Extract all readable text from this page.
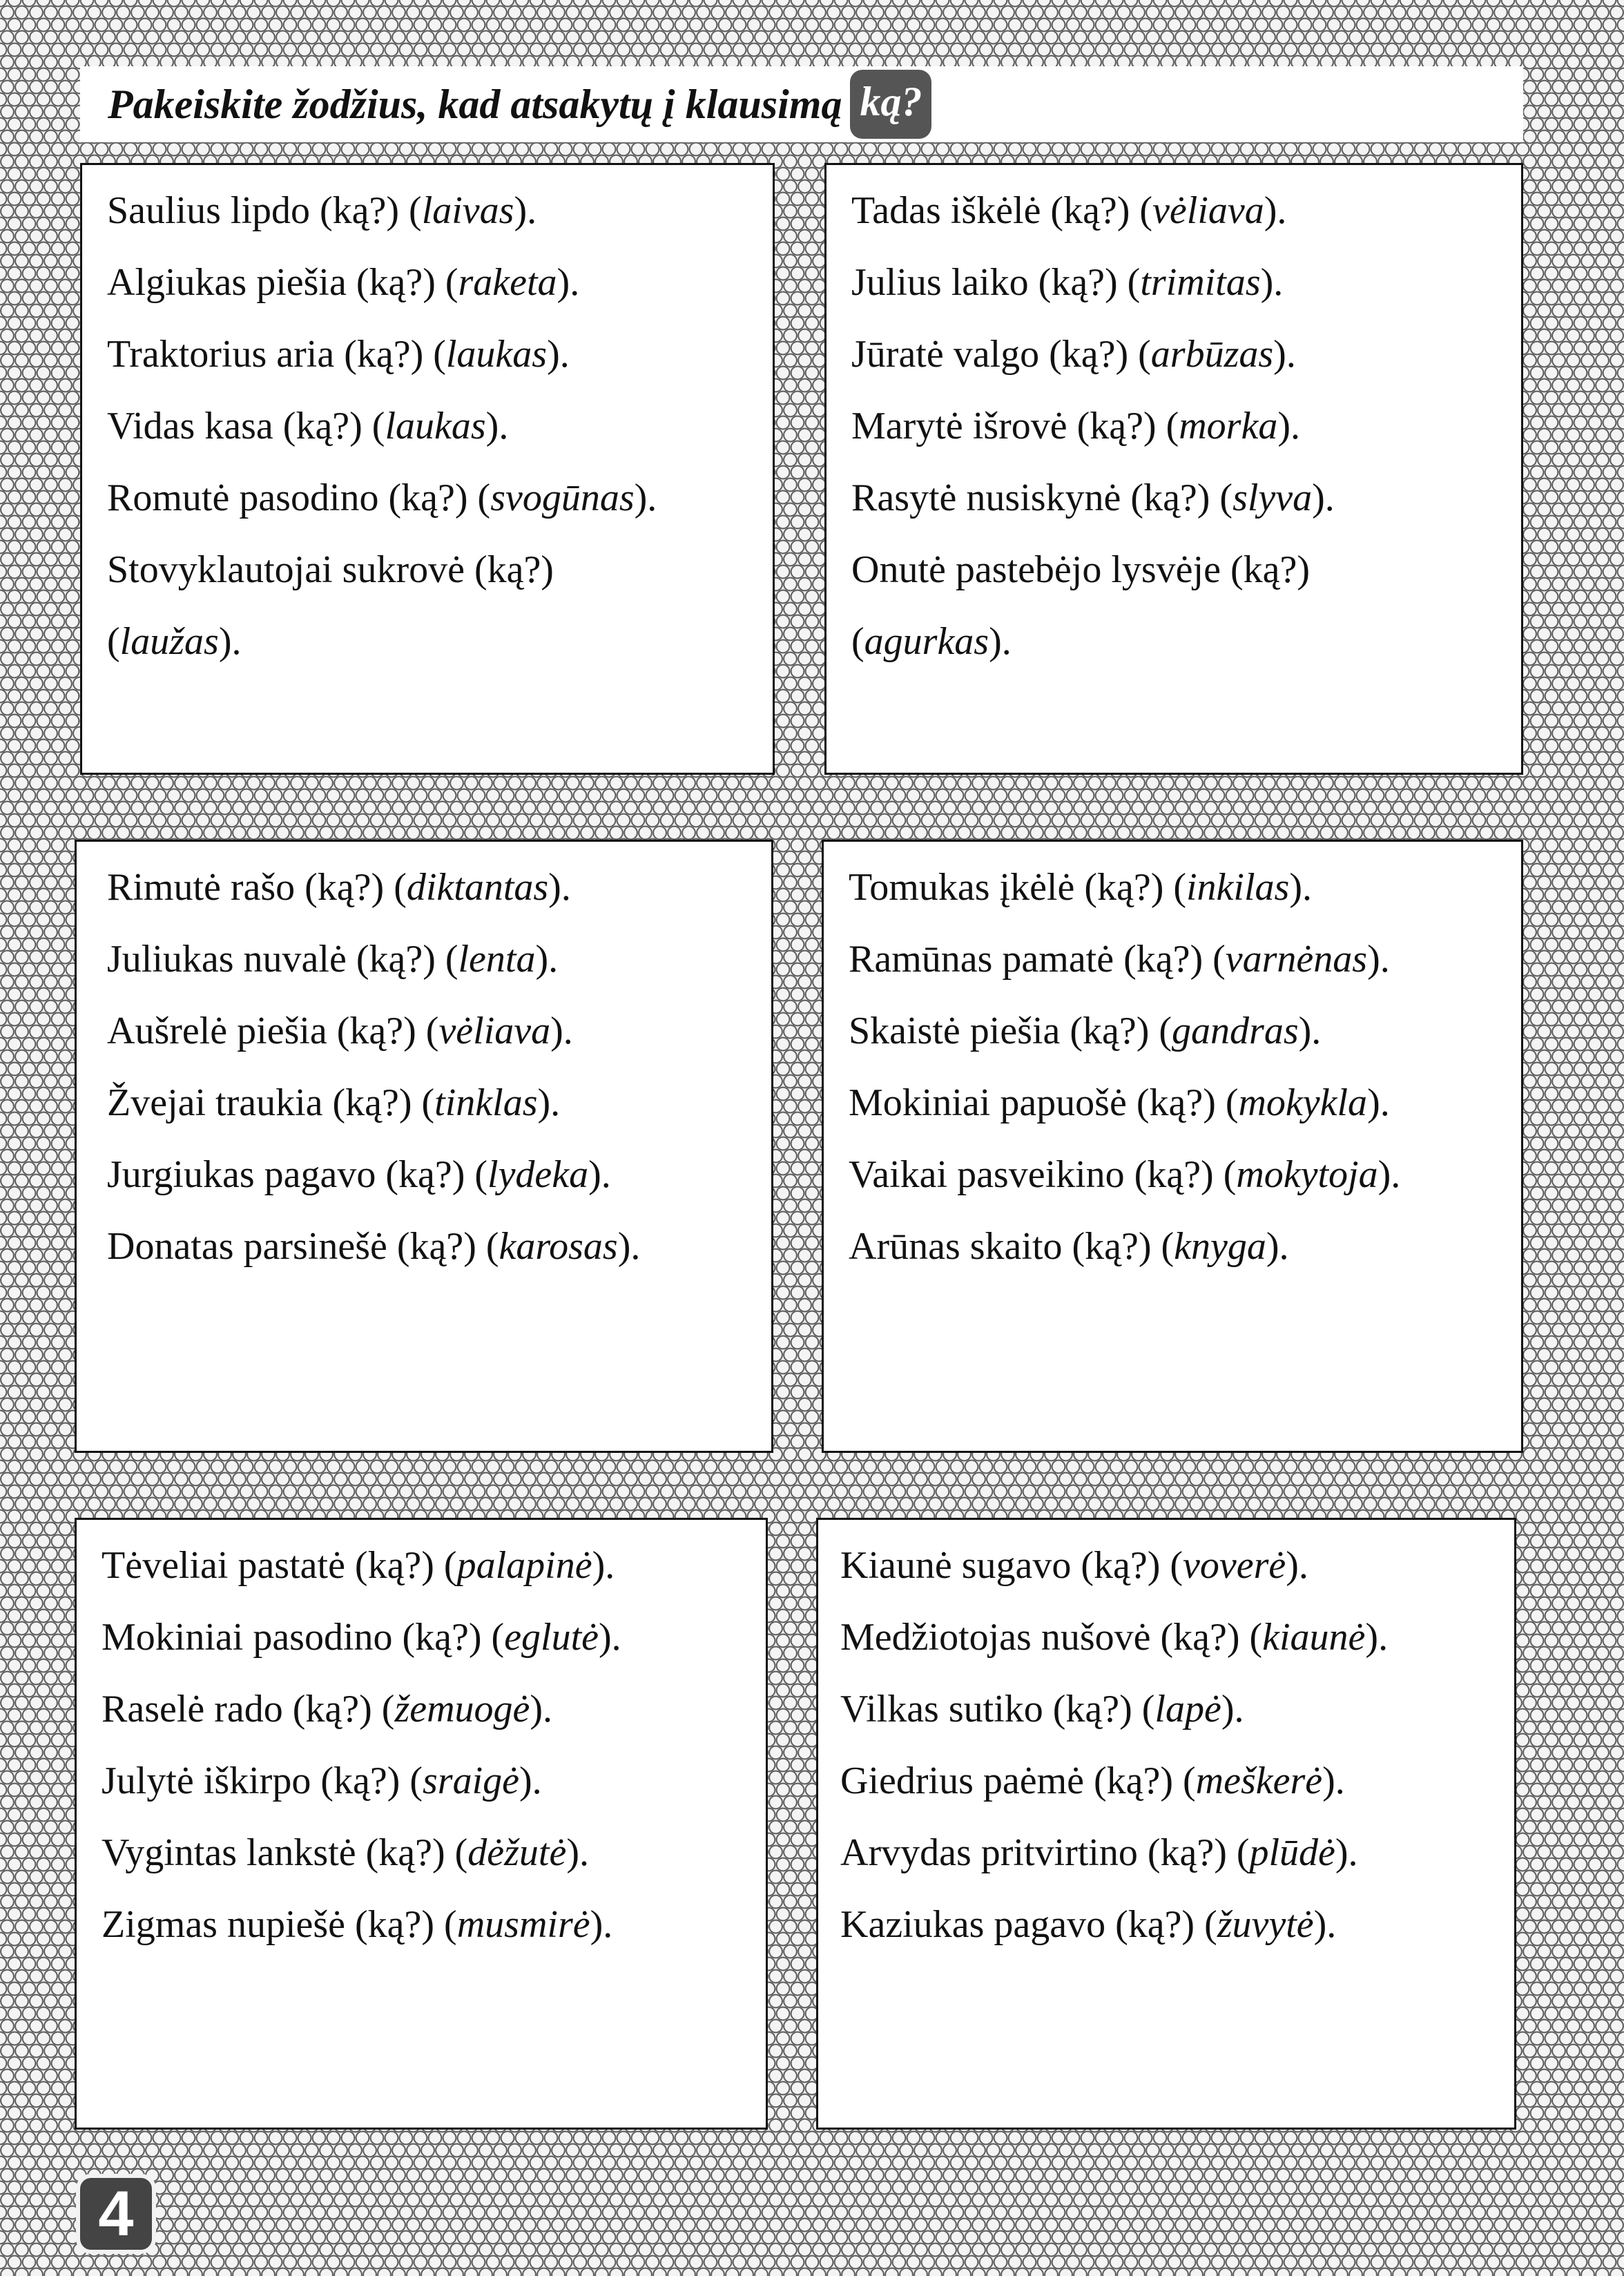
Pakeiskite žodžius, kad atsakytų į klausimą ką?
Saulius lipdo (ką?) (laivas).
Algiukas piešia (ką?) (raketa).
Traktorius aria (ką?) (laukas).
Vidas kasa (ką?) (laukas).
Romutė pasodino (ką?) (svogūnas).
Stovyklautojai sukrovė (ką?)
(laužas).
Tadas iškėlė (ką?) (vėliava).
Julius laiko (ką?) (trimitas).
Jūratė valgo (ką?) (arbūzas).
Marytė išrovė (ką?) (morka).
Rasytė nusiskynė (ką?) (slyva).
Onutė pastebėjo lysvėje (ką?)
(agurkas).
Rimutė rašo (ką?) (diktantas).
Juliukas nuvalė (ką?) (lenta).
Aušrelė piešia (ką?) (vėliava).
Žvejai traukia (ką?) (tinklas).
Jurgiukas pagavo (ką?) (lydeka).
Donatas parsinešė (ką?) (karosas).
Tomukas įkėlė (ką?) (inkilas).
Ramūnas pamatė (ką?) (varnėnas).
Skaistė piešia (ką?) (gandras).
Mokiniai papuošė (ką?) (mokykla).
Vaikai pasveikino (ką?) (mokytoja).
Arūnas skaito (ką?) (knyga).
Tėveliai pastatė (ką?) (palapinė).
Mokiniai pasodino (ką?) (eglutė).
Raselė rado (ką?) (žemuogė).
Julytė iškirpo (ką?) (sraigė).
Vygintas lankstė (ką?) (dėžutė).
Zigmas nupiešė (ką?) (musmirė).
Kiaunė sugavo (ką?) (voverė).
Medžiotojas nušovė (ką?) (kiaunė).
Vilkas sutiko (ką?) (lapė).
Giedrius paėmė (ką?) (meškerė).
Arvydas pritvirtino (ką?) (plūdė).
Kaziukas pagavo (ką?) (žuvytė).
4
